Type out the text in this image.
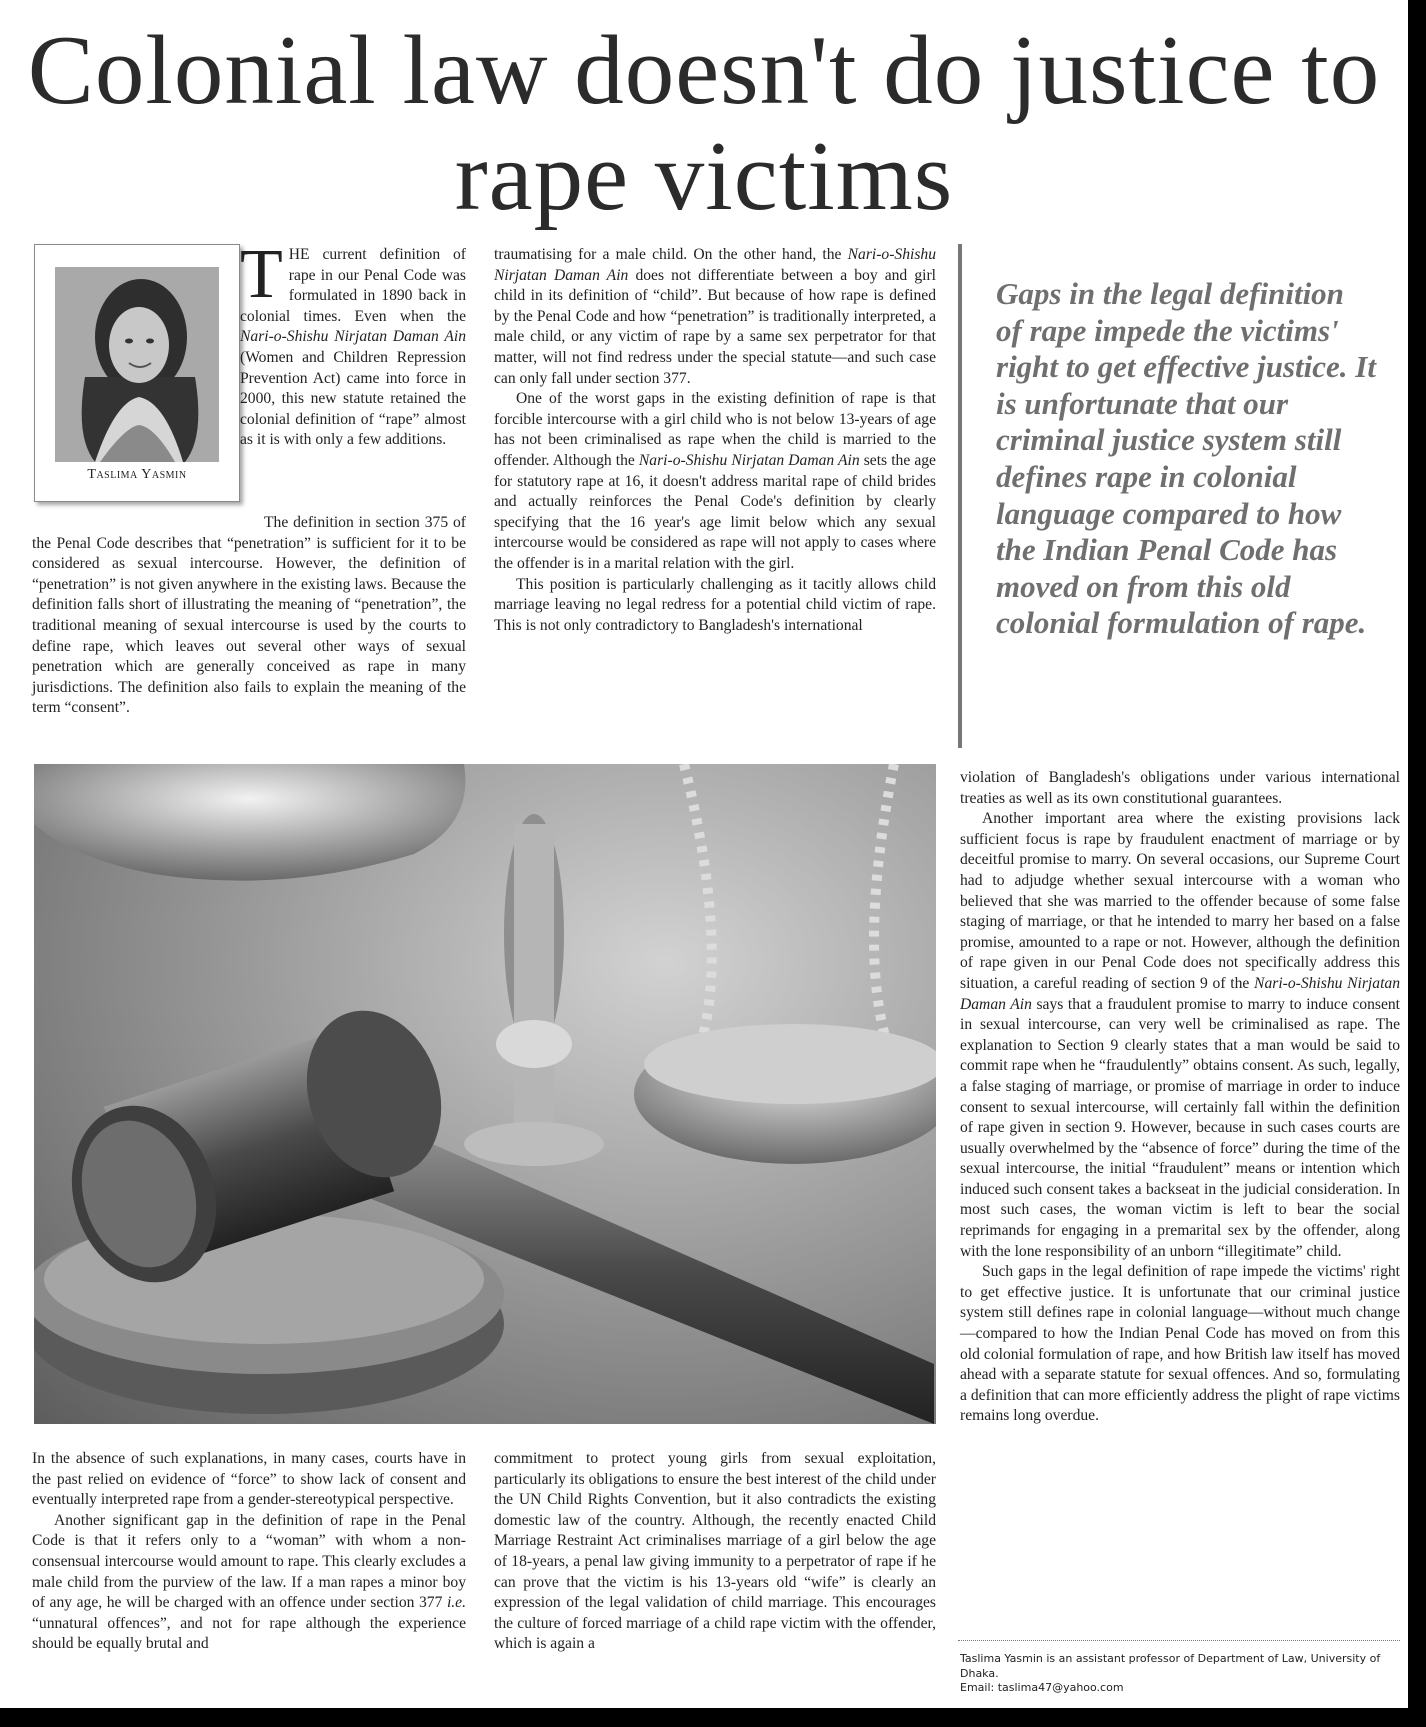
Colonial law doesn't do justice to rape victims
Taslima Yasmin

THE current definition of rape in our Penal Code was formulated in 1890 back in colonial times. Even when the Nari-o-Shishu Nirjatan Daman Ain (Women and Children Repression Prevention Act) came into force in 2000, this new statute retained the colonial definition of “rape” almost as it is with only a few additions.

The definition in section 375 of the Penal Code describes that “penetration” is sufficient for it to be considered as sexual intercourse. However, the definition of “penetration” is not given anywhere in the existing laws. Because the definition falls short of illustrating the meaning of “penetration”, the traditional meaning of sexual intercourse is used by the courts to define rape, which leaves out several other ways of sexual penetration which are generally conceived as rape in many jurisdictions. The definition also fails to explain the meaning of the term “consent”.

traumatising for a male child. On the other hand, the Nari-o-Shishu Nirjatan Daman Ain does not differentiate between a boy and girl child in its definition of “child”. But because of how rape is defined by the Penal Code and how “penetration” is traditionally interpreted, a male child, or any victim of rape by a same sex perpetrator for that matter, will not find redress under the special statute—and such case can only fall under section 377.

One of the worst gaps in the existing definition of rape is that forcible intercourse with a girl child who is not below 13-years of age has not been criminalised as rape when the child is married to the offender. Although the Nari-o-Shishu Nirjatan Daman Ain sets the age for statutory rape at 16, it doesn't address marital rape of child brides and actually reinforces the Penal Code's definition by clearly specifying that the 16 year's age limit below which any sexual intercourse would be considered as rape will not apply to cases where the offender is in a marital relation with the girl.

This position is particularly challenging as it tacitly allows child marriage leaving no legal redress for a potential child victim of rape. This is not only contradictory to Bangladesh's international

Gaps in the legal definition of rape impede the victims' right to get effective justice. It is unfortunate that our criminal justice system still defines rape in colonial language compared to how the Indian Penal Code has moved on from this old colonial formulation of rape.

violation of Bangladesh's obligations under various international treaties as well as its own constitutional guarantees.

Another important area where the existing provisions lack sufficient focus is rape by fraudulent enactment of marriage or by deceitful promise to marry. On several occasions, our Supreme Court had to adjudge whether sexual intercourse with a woman who believed that she was married to the offender because of some false staging of marriage, or that he intended to marry her based on a false promise, amounted to a rape or not. However, although the definition of rape given in our Penal Code does not specifically address this situation, a careful reading of section 9 of the Nari-o-Shishu Nirjatan Daman Ain says that a fraudulent promise to marry to induce consent in sexual intercourse, can very well be criminalised as rape. The explanation to Section 9 clearly states that a man would be said to commit rape when he “fraudulently” obtains consent. As such, legally, a false staging of marriage, or promise of marriage in order to induce consent to sexual intercourse, will certainly fall within the definition of rape given in section 9. However, because in such cases courts are usually overwhelmed by the “absence of force” during the time of the sexual intercourse, the initial “fraudulent” means or intention which induced such consent takes a backseat in the judicial consideration. In most such cases, the woman victim is left to bear the social reprimands for engaging in a premarital sex by the offender, along with the lone responsibility of an unborn “illegitimate” child.

Such gaps in the legal definition of rape impede the victims' right to get effective justice. It is unfortunate that our criminal justice system still defines rape in colonial language—without much change—compared to how the Indian Penal Code has moved on from this old colonial formulation of rape, and how British law itself has moved ahead with a separate statute for sexual offences. And so, formulating a definition that can more efficiently address the plight of rape victims remains long overdue.

In the absence of such explanations, in many cases, courts have in the past relied on evidence of “force” to show lack of consent and eventually interpreted rape from a gender-stereotypical perspective.

Another significant gap in the definition of rape in the Penal Code is that it refers only to a “woman” with whom a non-consensual intercourse would amount to rape. This clearly excludes a male child from the purview of the law. If a man rapes a minor boy of any age, he will be charged with an offence under section 377 i.e. “unnatural offences”, and not for rape although the experience should be equally brutal and

commitment to protect young girls from sexual exploitation, particularly its obligations to ensure the best interest of the child under the UN Child Rights Convention, but it also contradicts the existing domestic law of the country. Although, the recently enacted Child Marriage Restraint Act criminalises marriage of a girl below the age of 18-years, a penal law giving immunity to a perpetrator of rape if he can prove that the victim is his 13-years old “wife” is clearly an expression of the legal validation of child marriage. This encourages the culture of forced marriage of a child rape victim with the offender, which is again a

Taslima Yasmin is an assistant professor of Department of Law, University of Dhaka.
Email: taslima47@yahoo.com
